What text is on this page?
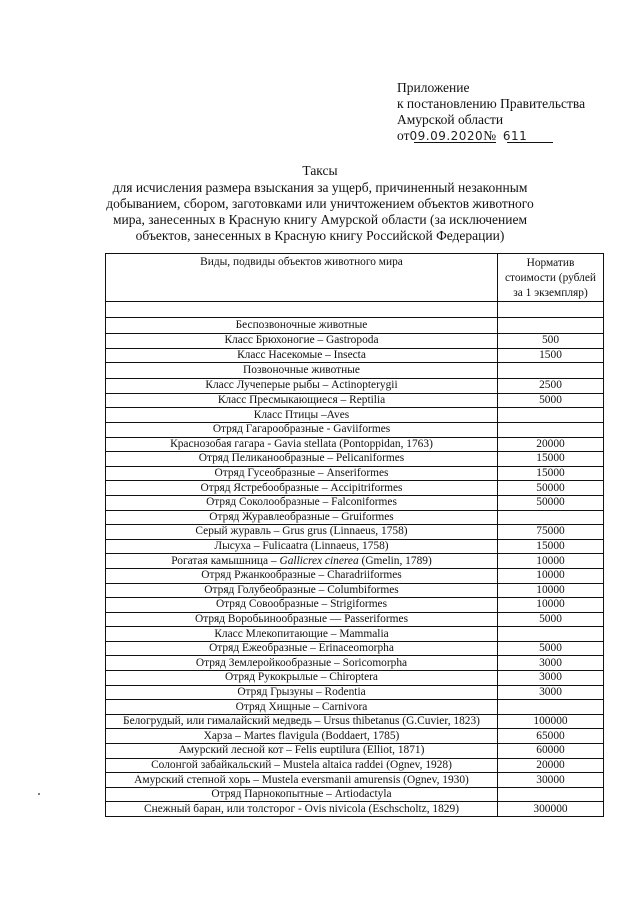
Приложение
к постановлению Правительства
Амурской области
от09.09.2020№ 611
Таксы
для исчисления размера взыскания за ущерб, причиненный незаконным
добыванием, сбором, заготовками или уничтожением объектов животного
мира, занесенных в Красную книгу Амурской области (за исключением
объектов, занесенных в Красную книгу Российской Федерации)
Виды, подвиды объектов животного мира	Норматив
стоимости (рублей
за 1 экземпляр)

Беспозвоночные животные	
Класс Брюхоногие – Gastropoda	500
Класс Насекомые – Insecta	1500
Позвоночные животные	
Класс Лучеперые рыбы – Actinopterygii	2500
Класс Пресмыкающиеся – Reptilia	5000
Класс Птицы –Aves	
Отряд Гагарообразные - Gaviiformes	
Краснозобая гагара - Gavia stellata (Pontoppidan, 1763)	20000
Отряд Пеликанообразные – Pelicaniformes	15000
Отряд Гусеобразные – Anseriformes	15000
Отряд Ястребообразные – Accipitriformes	50000
Отряд Соколообразные – Falconiformes	50000
Отряд Журавлеобразные – Gruiformes	
Серый журавль – Grus grus (Linnaeus, 1758)	75000
Лысуха – Fulicaatra (Linnaeus, 1758)	15000
Рогатая камышница – Gallicrex cinerea (Gmelin, 1789)	10000
Отряд Ржанкообразные – Charadriiformes	10000
Отряд Голубеобразные – Columbiformes	10000
Отряд Совообразные – Strigiformes	10000
Отряд Воробьинообразные — Passeriformes	5000
Класс Млекопитающие – Mammalia	
Отряд Ежеобразные – Erinaceomorpha	5000
Отряд Землеройкообразные – Soricomorpha	3000
Отряд Рукокрылые – Chiroptera	3000
Отряд Грызуны – Rodentia	3000
Отряд Хищные – Carnivora	
Белогрудый, или гималайский медведь – Ursus thibetanus (G.Cuvier, 1823)	100000
Харза – Martes flavigula (Boddaert, 1785)	65000
Амурский лесной кот – Felis euptilura (Elliot, 1871)	60000
Солонгой забайкальский – Mustela altaica raddei (Ognev, 1928)	20000
Амурский степной хорь – Mustela eversmanii amurensis (Ognev, 1930)	30000
Отряд Парнокопытные – Artiodactyla	
Снежный баран, или толсторог - Ovis nivicola (Eschscholtz, 1829)	300000
